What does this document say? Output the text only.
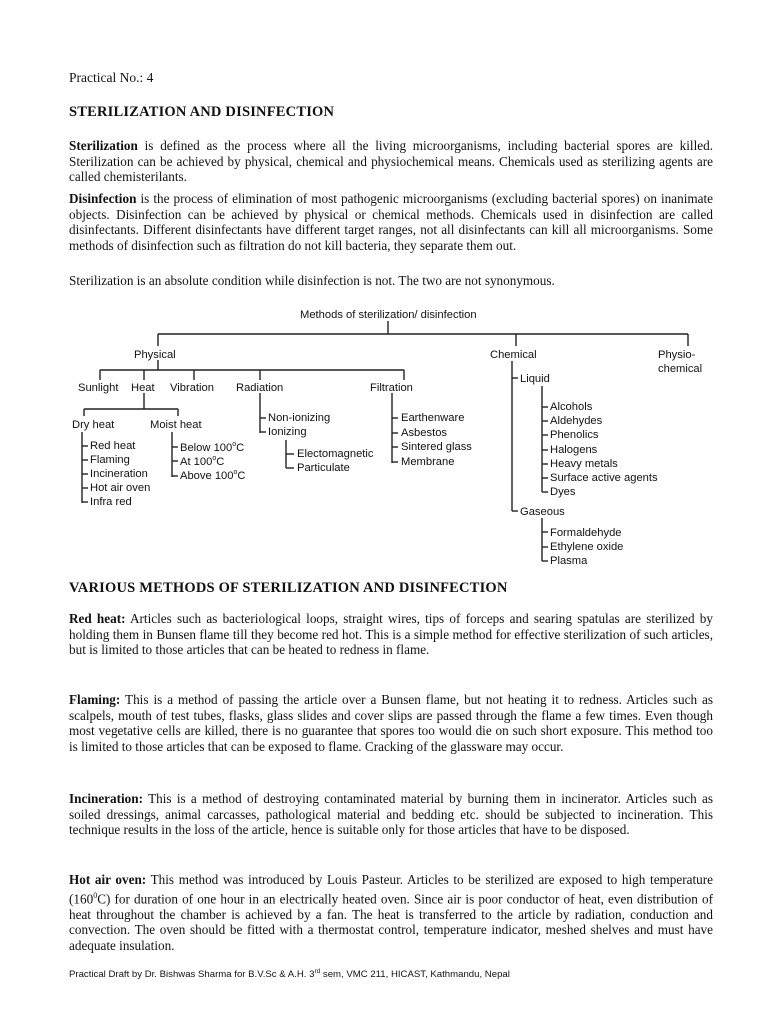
Practical No.: 4
STERILIZATION AND DISINFECTION

Sterilization is defined as the process where all the living microorganisms, including bacterial spores are killed. Sterilization can be achieved by physical, chemical and physiochemical means. Chemicals used as sterilizing agents are called chemisterilants.

Disinfection is the process of elimination of most pathogenic microorganisms (excluding bacterial spores) on inanimate objects. Disinfection can be achieved by physical or chemical methods. Chemicals used in disinfection are called disinfectants. Different disinfectants have different target ranges, not all disinfectants can kill all microorganisms. Some methods of disinfection such as filtration do not kill bacteria, they separate them out.

Sterilization is an absolute condition while disinfection is not. The two are not synonymous.

Methods of sterilization/ disinfection
Physical	Chemical	Physio-
chemical
Sunlight Heat Vibration Radiation	Filtration
Dry heat	Moist heat
Red heat
Flaming
Incineration
Hot air oven
Infra red
Below 100$^o$C
At 100$^o$C
Above 100$^o$C
Non-ionizing
Ionizing
Electomagnetic
Particulate
Earthenware
Asbestos
Sintered glass
Membrane
Liquid
Alcohols
Aldehydes
Phenolics
Halogens
Heavy metals
Surface active agents
Dyes
Gaseous
Formaldehyde
Ethylene oxide
Plasma
VARIOUS METHODS OF STERILIZATION AND DISINFECTION

Red heat: Articles such as bacteriological loops, straight wires, tips of forceps and searing spatulas are sterilized by holding them in Bunsen flame till they become red hot. This is a simple method for effective sterilization of such articles, but is limited to those articles that can be heated to redness in flame.

Flaming: This is a method of passing the article over a Bunsen flame, but not heating it to redness. Articles such as scalpels, mouth of test tubes, flasks, glass slides and cover slips are passed through the flame a few times. Even though most vegetative cells are killed, there is no guarantee that spores too would die on such short exposure. This method too is limited to those articles that can be exposed to flame. Cracking of the glassware may occur.

Incineration: This is a method of destroying contaminated material by burning them in incinerator. Articles such as soiled dressings, animal carcasses, pathological material and bedding etc. should be subjected to incineration. This technique results in the loss of the article, hence is suitable only for those articles that have to be disposed.

Hot air oven: This method was introduced by Louis Pasteur. Articles to be sterilized are exposed to high temperature $(160^0C)$ for duration of one hour in an electrically heated oven. Since air is poor conductor of heat, even distribution of heat throughout the chamber is achieved by a fan. The heat is transferred to the article by radiation, conduction and convection. The oven should be fitted with a thermostat control, temperature indicator, meshed shelves and must have adequate insulation.

Practical Draft by Dr. Bishwas Sharma for B.V.Sc & A.H. 3rd sem, VMC 211, HICAST, Kathmandu, Nepal
